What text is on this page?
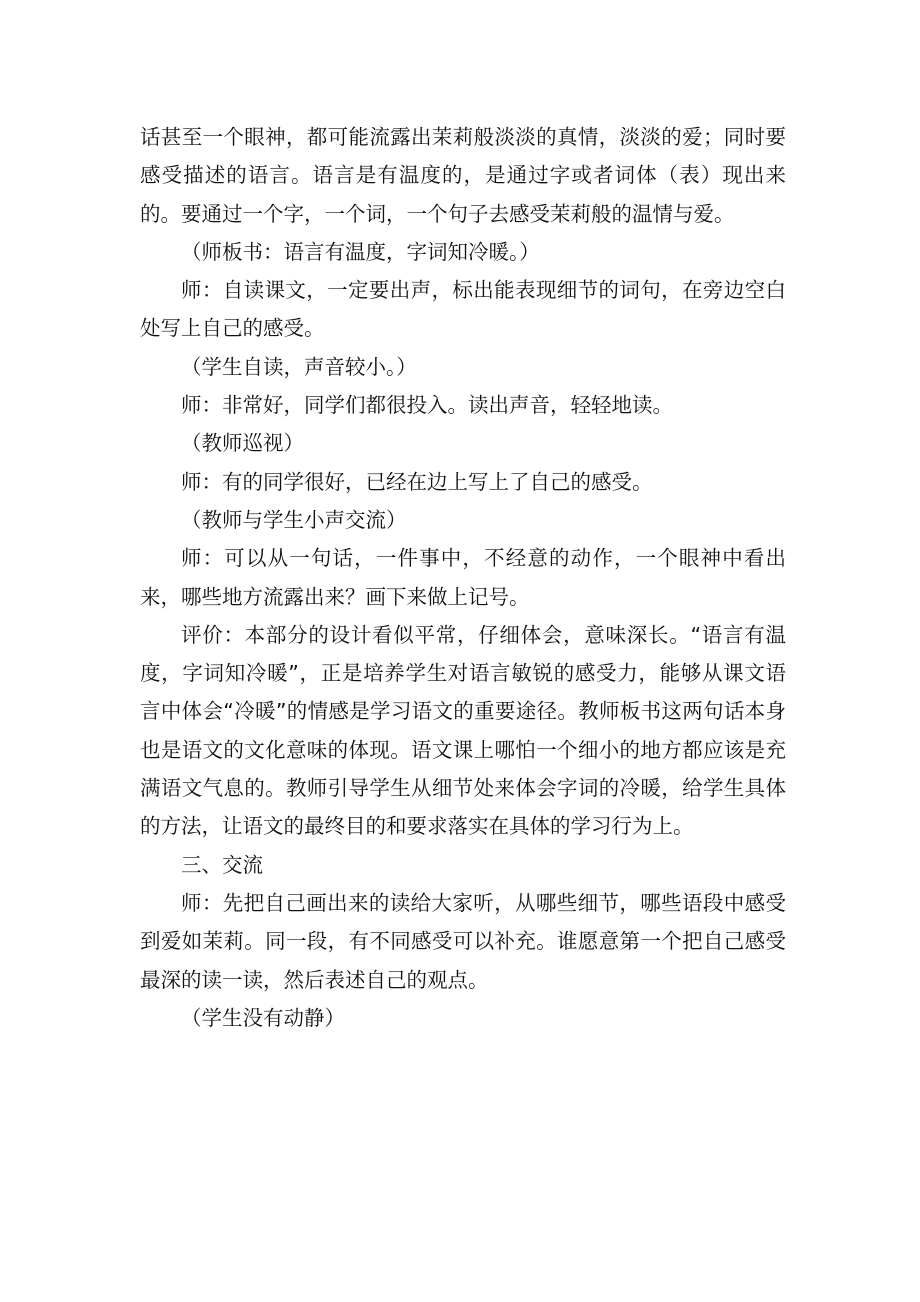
话甚至一个眼神，都可能流露出茉莉般淡淡的真情，淡淡的爱；同时要感受描述的语言。语言是有温度的，是通过字或者词体（表）现出来的。要通过一个字，一个词，一个句子去感受茉莉般的温情与爱。

（师板书：语言有温度，字词知冷暖。）

师：自读课文，一定要出声，标出能表现细节的词句，在旁边空白处写上自己的感受。

（学生自读，声音较小。）

师：非常好，同学们都很投入。读出声音，轻轻地读。

（教师巡视）

师：有的同学很好，已经在边上写上了自己的感受。

（教师与学生小声交流）

师：可以从一句话，一件事中，不经意的动作，一个眼神中看出来，哪些地方流露出来？画下来做上记号。

评价：本部分的设计看似平常，仔细体会，意味深长。“语言有温度，字词知冷暖”，正是培养学生对语言敏锐的感受力，能够从课文语言中体会“冷暖”的情感是学习语文的重要途径。教师板书这两句话本身也是语文的文化意味的体现。语文课上哪怕一个细小的地方都应该是充满语文气息的。教师引导学生从细节处来体会字词的冷暖，给学生具体的方法，让语文的最终目的和要求落实在具体的学习行为上。

三、交流

师：先把自己画出来的读给大家听，从哪些细节，哪些语段中感受到爱如茉莉。同一段，有不同感受可以补充。谁愿意第一个把自己感受最深的读一读，然后表述自己的观点。

（学生没有动静）
